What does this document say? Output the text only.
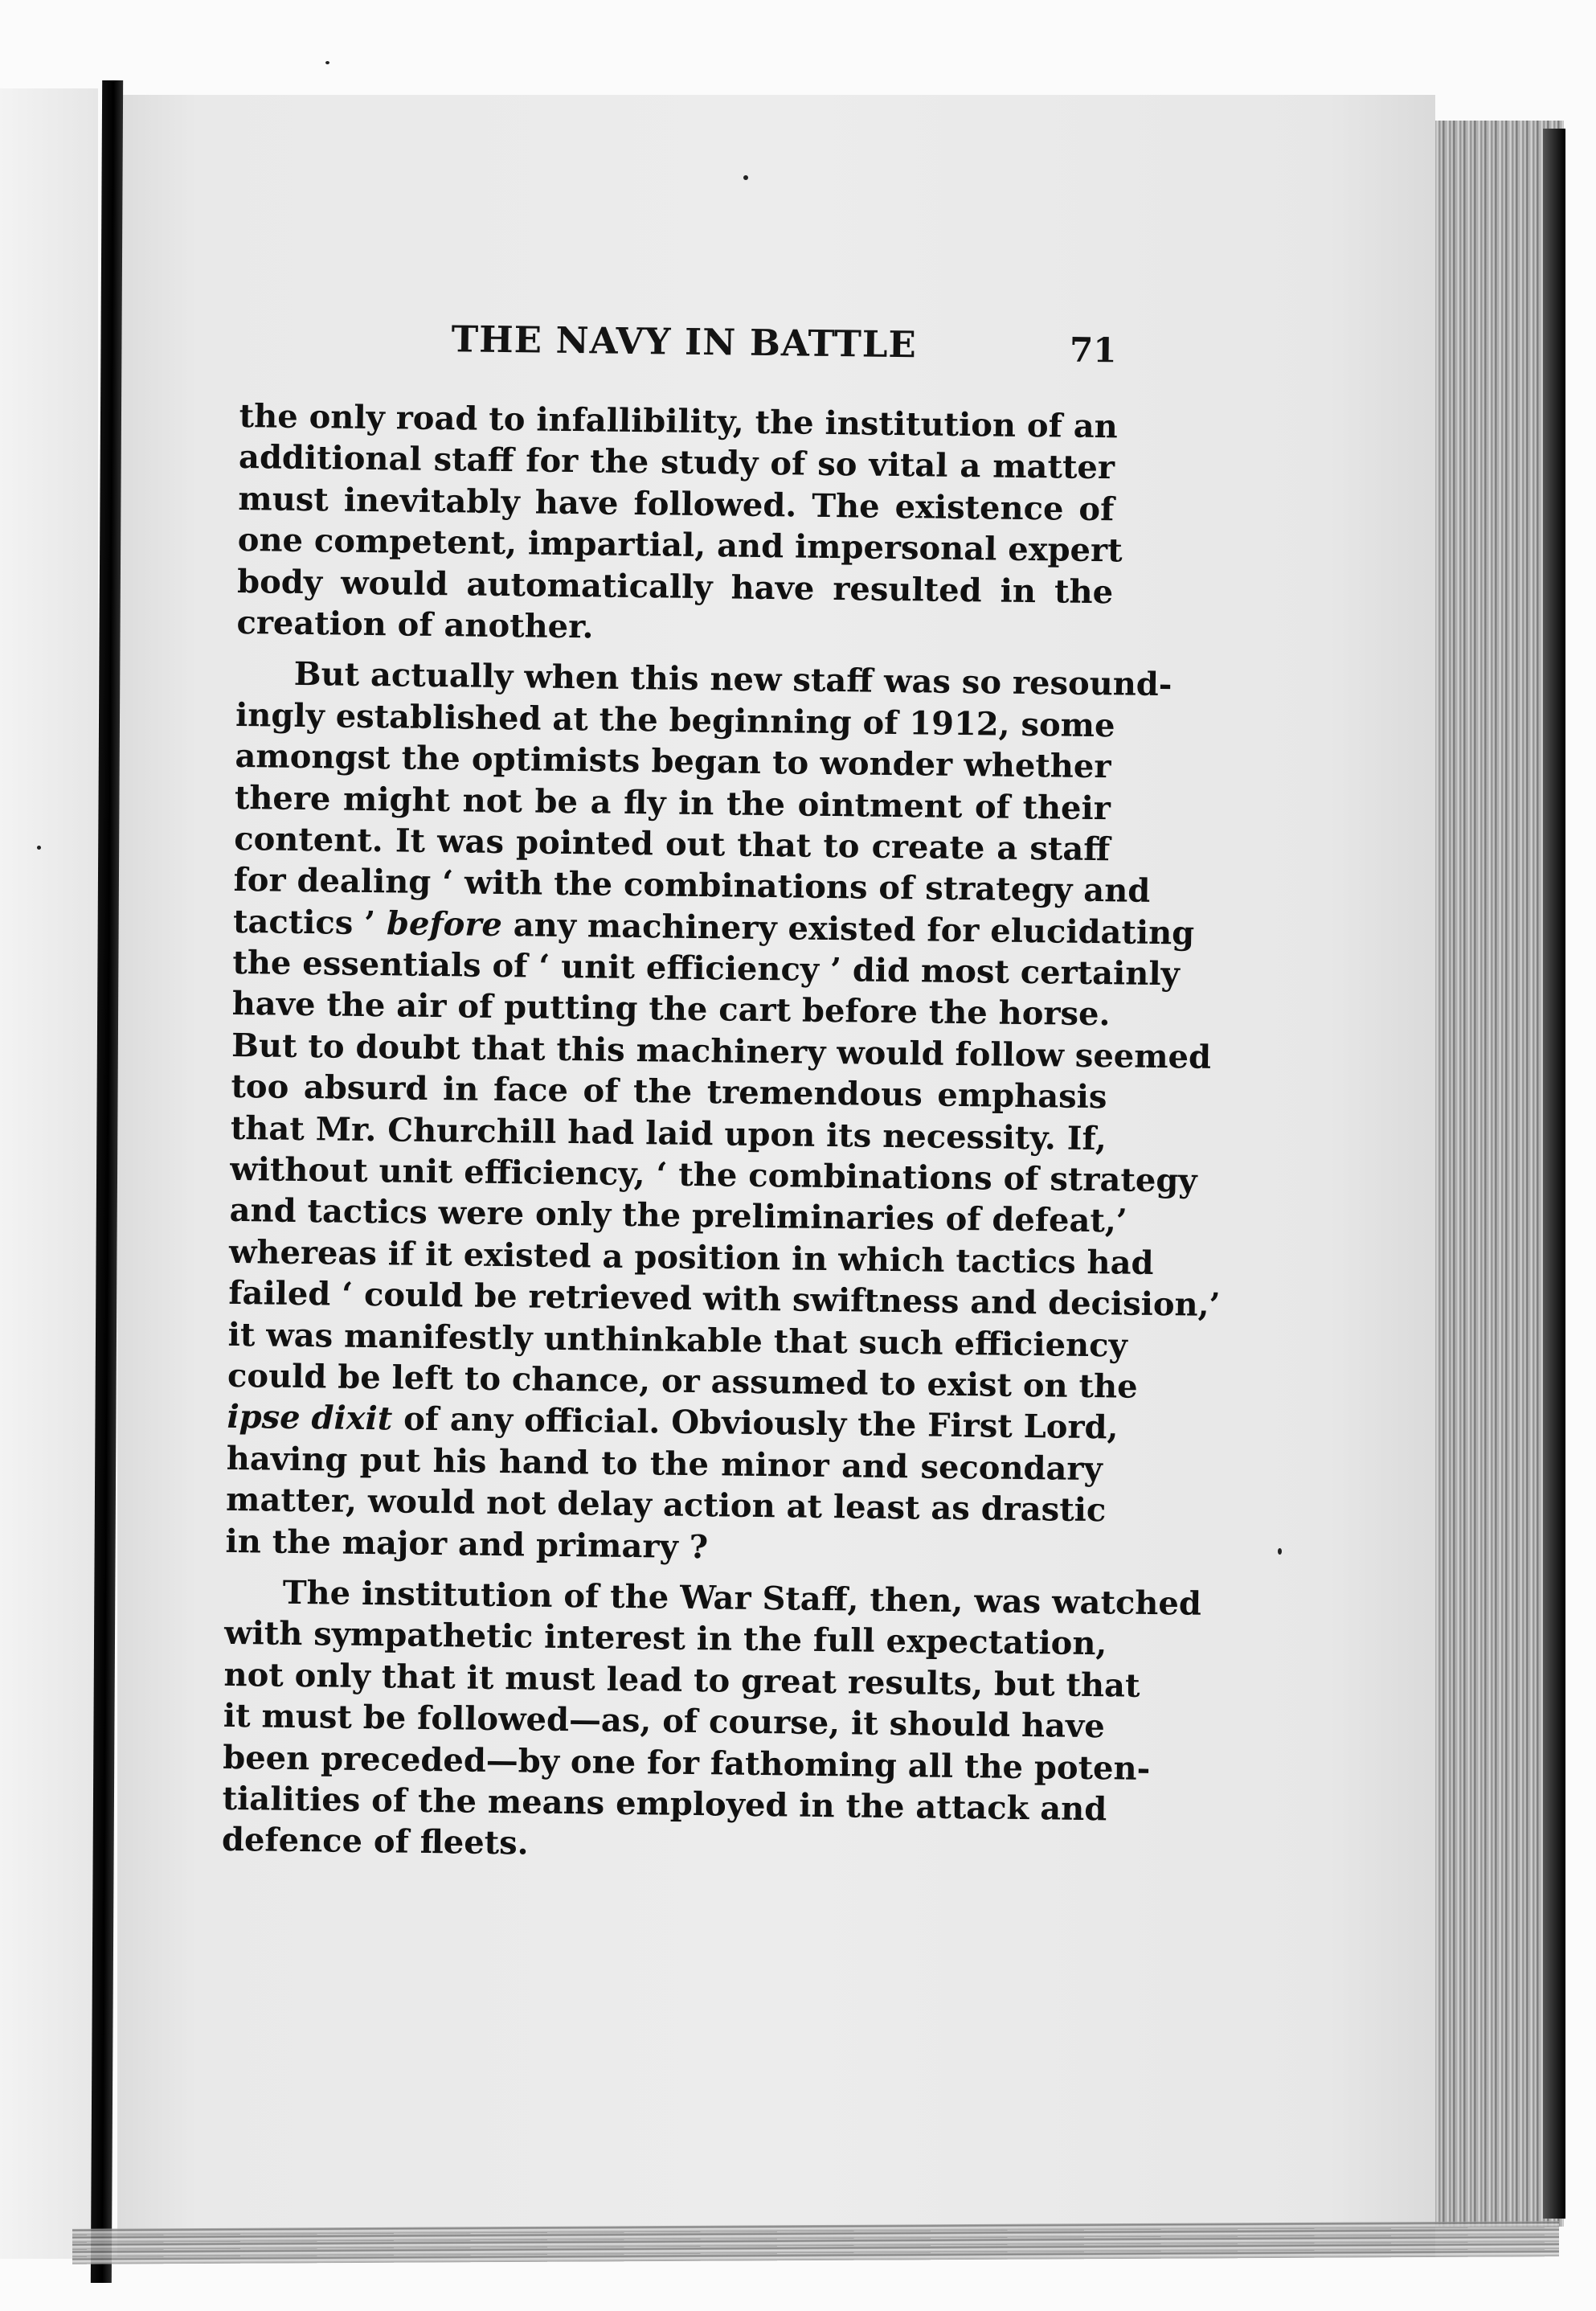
THE NAVY IN BATTLE	71
the only road to infallibility, the institution of an
additional staff for the study of so vital a matter
must inevitably have followed. The existence of
one competent, impartial, and impersonal expert
body would automatically have resulted in the
creation of another.
But actually when this new staff was so resound-
ingly established at the beginning of 1912, some
amongst the optimists began to wonder whether
there might not be a fly in the ointment of their
content. It was pointed out that to create a staff
for dealing ‘ with the combinations of strategy and
tactics ’ before any machinery existed for elucidating
the essentials of ‘ unit efficiency ’ did most certainly
have the air of putting the cart before the horse.
But to doubt that this machinery would follow seemed
too absurd in face of the tremendous emphasis
that Mr. Churchill had laid upon its necessity. If,
without unit efficiency, ‘ the combinations of strategy
and tactics were only the preliminaries of defeat,’
whereas if it existed a position in which tactics had
failed ‘ could be retrieved with swiftness and decision,’
it was manifestly unthinkable that such efficiency
could be left to chance, or assumed to exist on the
ipse dixit of any official. Obviously the First Lord,
having put his hand to the minor and secondary
matter, would not delay action at least as drastic
in the major and primary ?
The institution of the War Staff, then, was watched
with sympathetic interest in the full expectation,
not only that it must lead to great results, but that
it must be followed—as, of course, it should have
been preceded—by one for fathoming all the poten-
tialities of the means employed in the attack and
defence of fleets.
